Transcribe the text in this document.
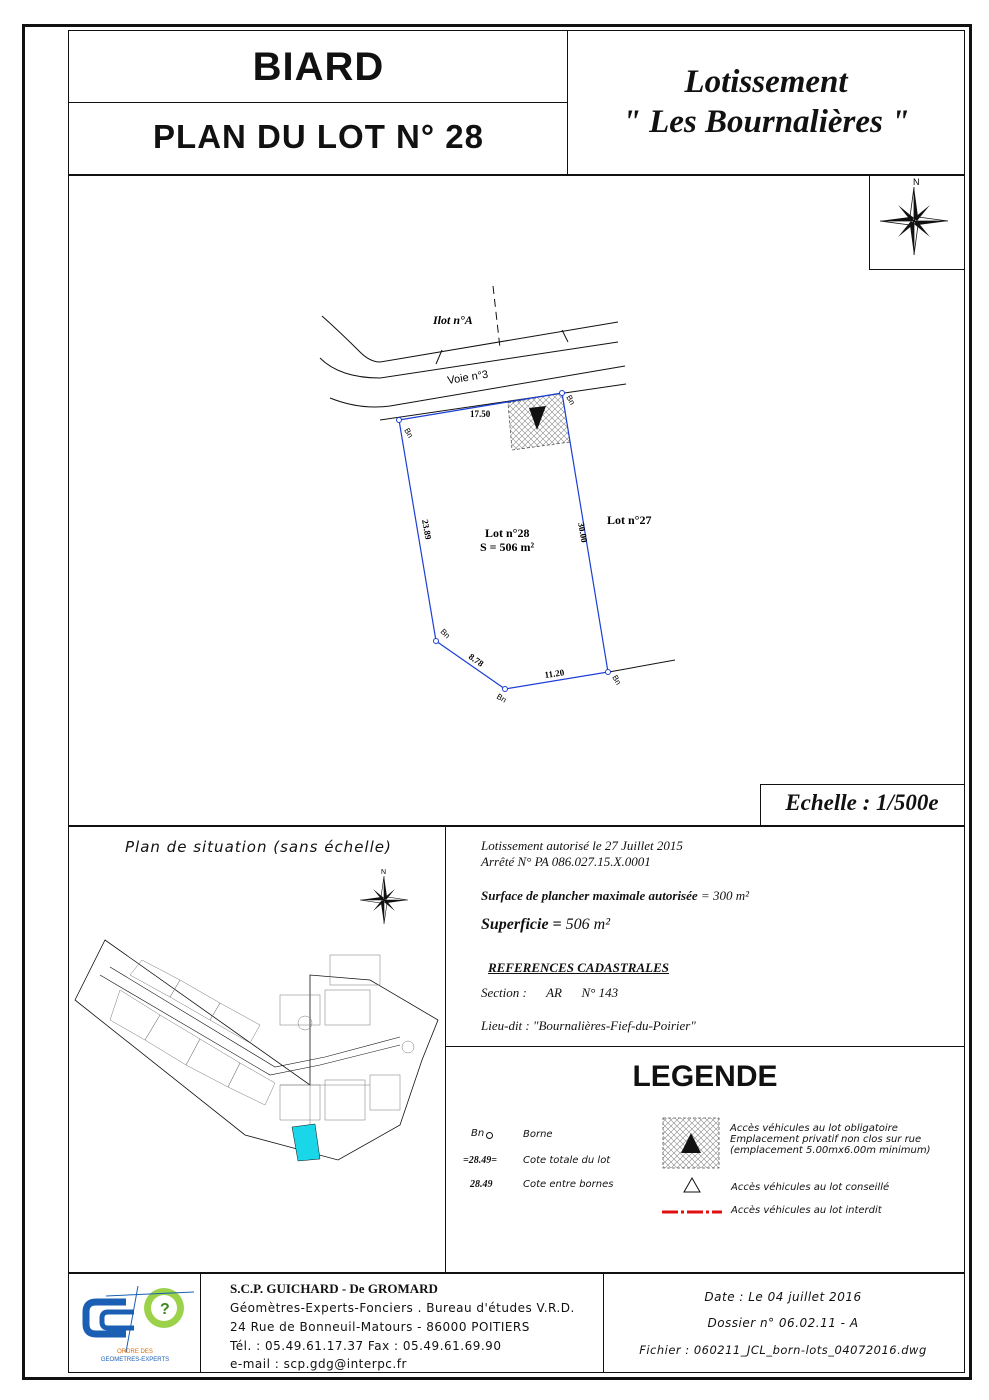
BIARD
PLAN DU LOT N° 28
Lotissement
" Les Bournalières "
N
Ilot n°A
Voie n°3
Bn
Bn
Bn
Bn
Bn
17.50
23.89	30.00
8.78
11.20
Lot n°28
S = 506 m²
Lot n°27
Echelle : 1/500e
Plan de situation (sans échelle)
N
Lotissement autorisé le 27 Juillet 2015
Arrêté N° PA 086.027.15.X.0001
Surface de plancher maximale autorisée = 300 m²
Superficie = 506 m²
REFERENCES CADASTRALES
Section :      AR      N° 143
Lieu-dit : "Bournalières-Fief-du-Poirier"
LEGENDE
Bn	Borne
=28.49=	Cote totale du lot
28.49	Cote entre bornes
Accès véhicules au lot obligatoire
Emplacement privatif non clos sur rue
(emplacement 5.00mx6.00m minimum)
Accès véhicules au lot conseillé
Accès véhicules au lot interdit
?
ORDRE DES
GEOMETRES-EXPERTS
S.C.P. GUICHARD - De GROMARD
Géomètres-Experts-Fonciers . Bureau d'études V.R.D.
24 Rue de Bonneuil-Matours - 86000 POITIERS
Tél. : 05.49.61.17.37 Fax : 05.49.61.69.90
e-mail : scp.gdg@interpc.fr
Date : Le 04 juillet 2016
Dossier n° 06.02.11 - A
Fichier : 060211_JCL_born-lots_04072016.dwg
